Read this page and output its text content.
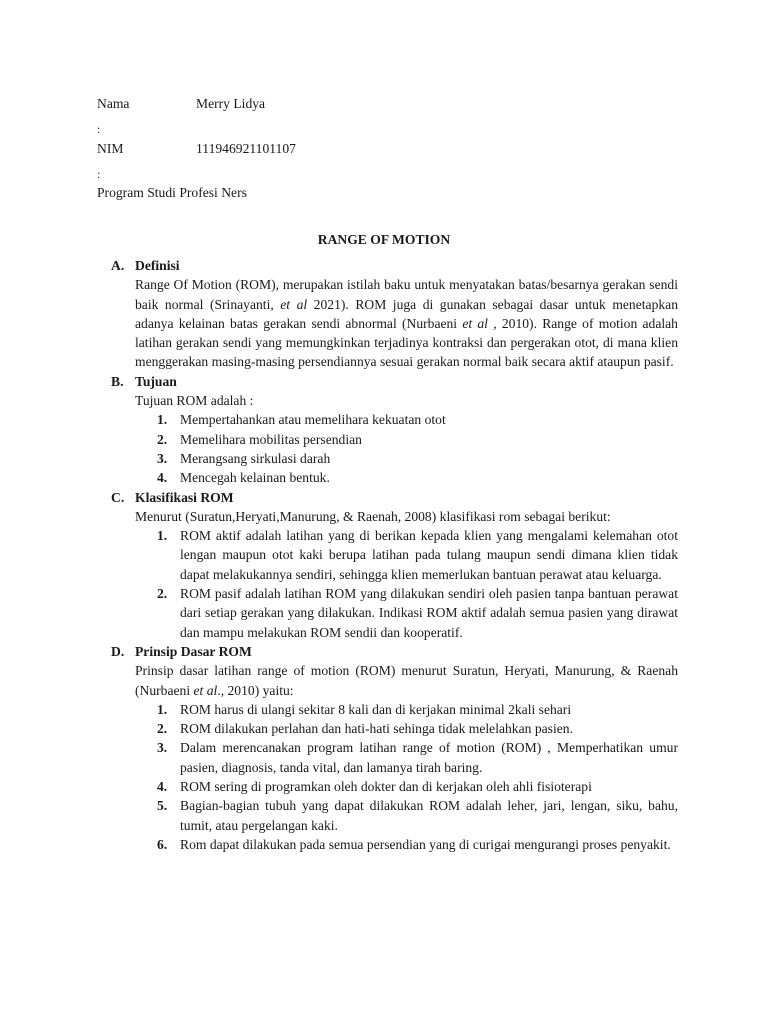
Nama	Merry Lidya
:
NIM	111946921101107
:
Program Studi Profesi Ners
RANGE OF MOTION
A. Definisi

Range Of Motion (ROM), merupakan istilah baku untuk menyatakan batas/besarnya gerakan sendi baik normal (Srinayanti, et al 2021). ROM juga di gunakan sebagai dasar untuk menetapkan adanya kelainan batas gerakan sendi abnormal (Nurbaeni et al , 2010). Range of motion adalah latihan gerakan sendi yang memungkinkan terjadinya kontraksi dan pergerakan otot, di mana klien menggerakan masing-masing persendiannya sesuai gerakan normal baik secara aktif ataupun pasif.

B. Tujuan

Tujuan ROM adalah :

1. Mempertahankan atau memelihara kekuatan otot
2. Memelihara mobilitas persendian
3. Merangsang sirkulasi darah
4. Mencegah kelainan bentuk.
C. Klasifikasi ROM

Menurut (Suratun,Heryati,Manurung, & Raenah, 2008) klasifikasi rom sebagai berikut:

1. ROM aktif adalah latihan yang di berikan kepada klien yang mengalami kelemahan otot lengan maupun otot kaki berupa latihan pada tulang maupun sendi dimana klien tidak dapat melakukannya sendiri, sehingga klien memerlukan bantuan perawat atau keluarga.
2. ROM pasif adalah latihan ROM yang dilakukan sendiri oleh pasien tanpa bantuan perawat dari setiap gerakan yang dilakukan. Indikasi ROM aktif adalah semua pasien yang dirawat dan mampu melakukan ROM sendii dan kooperatif.
D. Prinsip Dasar ROM

Prinsip dasar latihan range of motion (ROM) menurut Suratun, Heryati, Manurung, & Raenah (Nurbaeni et al., 2010) yaitu:

1. ROM harus di ulangi sekitar 8 kali dan di kerjakan minimal 2kali sehari
2. ROM dilakukan perlahan dan hati-hati sehinga tidak melelahkan pasien.
3. Dalam merencanakan program latihan range of motion (ROM) , Memperhatikan umur pasien, diagnosis, tanda vital, dan lamanya tirah baring.
4. ROM sering di programkan oleh dokter dan di kerjakan oleh ahli fisioterapi
5. Bagian-bagian tubuh yang dapat dilakukan ROM adalah leher, jari, lengan, siku, bahu, tumit, atau pergelangan kaki.
6. Rom dapat dilakukan pada semua persendian yang di curigai mengurangi proses penyakit.
